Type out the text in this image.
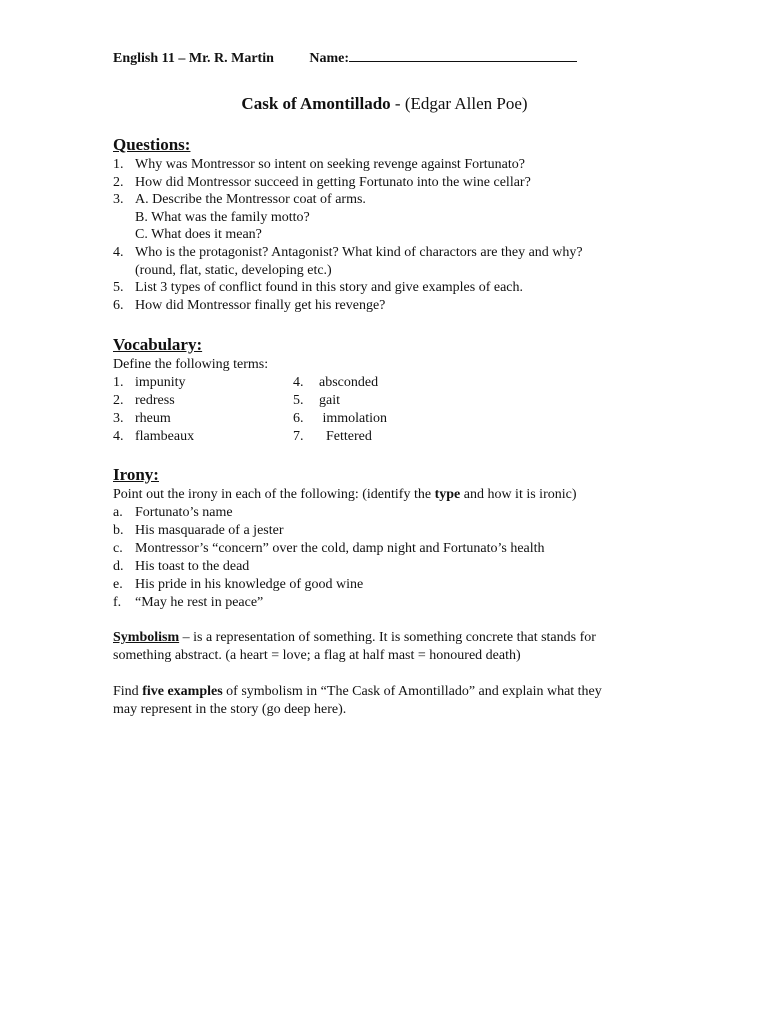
English 11 – Mr. R. Martin	Name:
Cask of Amontillado - (Edgar Allen Poe)
Questions:
1. Why was Montressor so intent on seeking revenge against Fortunato?
2. How did Montressor succeed in getting Fortunato into the wine cellar?
3. A. Describe the Montressor coat of arms.
B. What was the family motto?
C. What does it mean?
4. Who is the protagonist? Antagonist? What kind of charactors are they and why?
(round, flat, static, developing etc.)
5. List 3 types of conflict found in this story and give examples of each.
6. How did Montressor finally get his revenge?
Vocabulary:
Define the following terms:
1. impunity	4.	absconded
2. redress	5.	gait
3. rheum	6.	immolation
4. flambeaux	7.	Fettered
Irony:
Point out the irony in each of the following: (identify the type and how it is ironic)
a. Fortunato’s name
b. His masquarade of a jester
c. Montressor’s “concern” over the cold, damp night and Fortunato’s health
d. His toast to the dead
e. His pride in his knowledge of good wine
f. “May he rest in peace”
Symbolism – is a representation of something. It is something concrete that stands for
something abstract. (a heart = love; a flag at half mast = honoured death)
Find five examples of symbolism in “The Cask of Amontillado” and explain what they
may represent in the story (go deep here).
